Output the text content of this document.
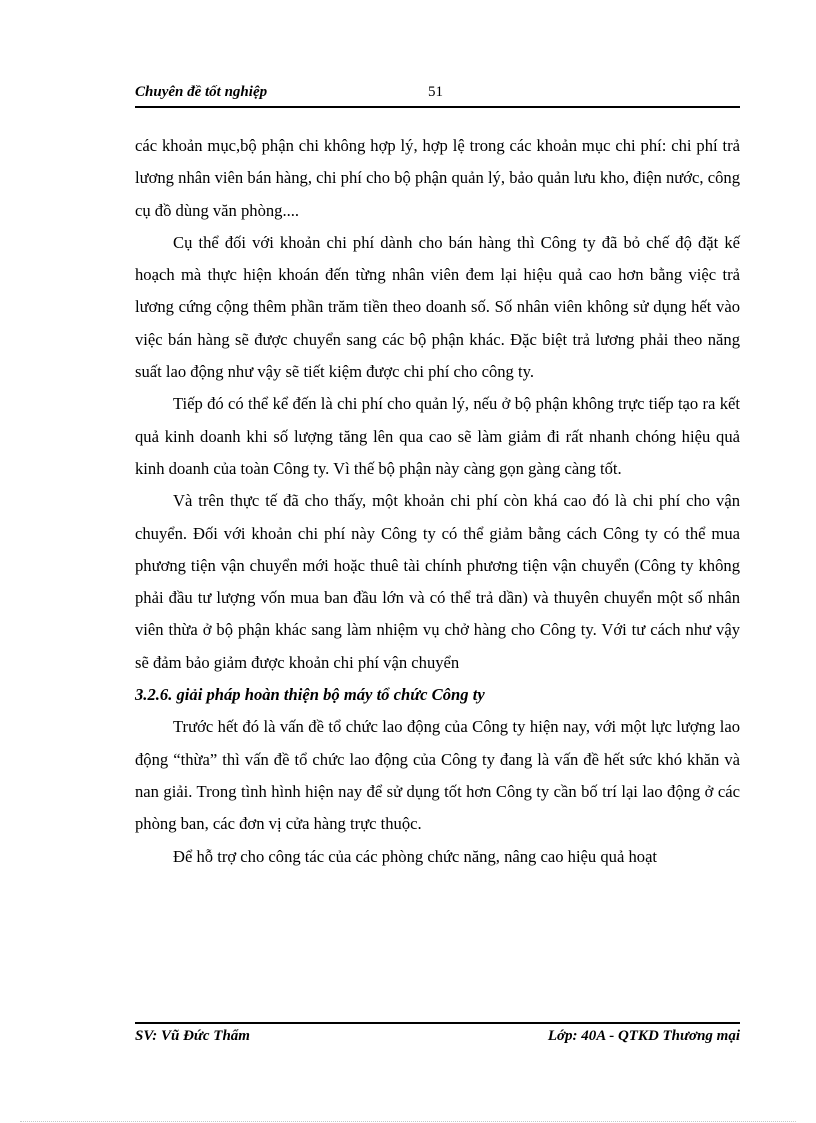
Chuyên đề tốt nghiệp	51

các khoản mục,bộ phận chi không hợp lý, hợp lệ trong các khoản mục chi phí: chi phí trả lương nhân viên bán hàng, chi phí cho bộ phận quản lý, bảo quản lưu kho, điện nước, công cụ đồ dùng văn phòng....

Cụ thể đối với khoản chi phí dành cho bán hàng thì Công ty đã bỏ chế độ đặt kế hoạch mà thực hiện khoán đến từng nhân viên đem lại hiệu quả cao hơn bằng việc trả lương cứng cộng thêm phần trăm tiền theo doanh số. Số nhân viên không sử dụng hết vào việc bán hàng sẽ được chuyển sang các bộ phận khác. Đặc biệt trả lương phải theo năng suất lao động như vậy sẽ tiết kiệm được chi phí cho công ty.

Tiếp đó có thể kể đến là chi phí cho quản lý, nếu ở bộ phận không trực tiếp tạo ra kết quả kinh doanh khi số lượng tăng lên qua cao sẽ làm giảm đi rất nhanh chóng hiệu quả kinh doanh của toàn Công ty. Vì thế bộ phận này càng gọn gàng càng tốt.

Và trên thực tế đã cho thấy, một khoản chi phí còn khá cao đó là chi phí cho vận chuyển. Đối với khoản chi phí này Công ty có thể giảm bằng cách Công ty có thể mua phương tiện vận chuyển mới hoặc thuê tài chính phương tiện vận chuyển (Công ty không phải đầu tư lượng vốn mua ban đầu lớn và có thể trả dần) và thuyên chuyển một số nhân viên thừa ở bộ phận khác sang làm nhiệm vụ chở hàng cho Công ty. Với tư cách như vậy sẽ đảm bảo giảm được khoản chi phí vận chuyển

3.2.6. giải pháp hoàn thiện bộ máy tổ chức Công ty

Trước hết đó là vấn đề tổ chức lao động của Công ty hiện nay, với một lực lượng lao động “thừa” thì vấn đề tổ chức lao động của Công ty đang là vấn đề hết sức khó khăn và nan giải. Trong tình hình hiện nay để sử dụng tốt hơn Công ty cần bố trí lại lao động ở các phòng ban, các đơn vị cửa hàng trực thuộc.

Để hỗ trợ cho công tác của các phòng chức năng, nâng cao hiệu quả hoạt

SV: Vũ Đức Thẩm	Lớp: 40A - QTKD Thương mại
